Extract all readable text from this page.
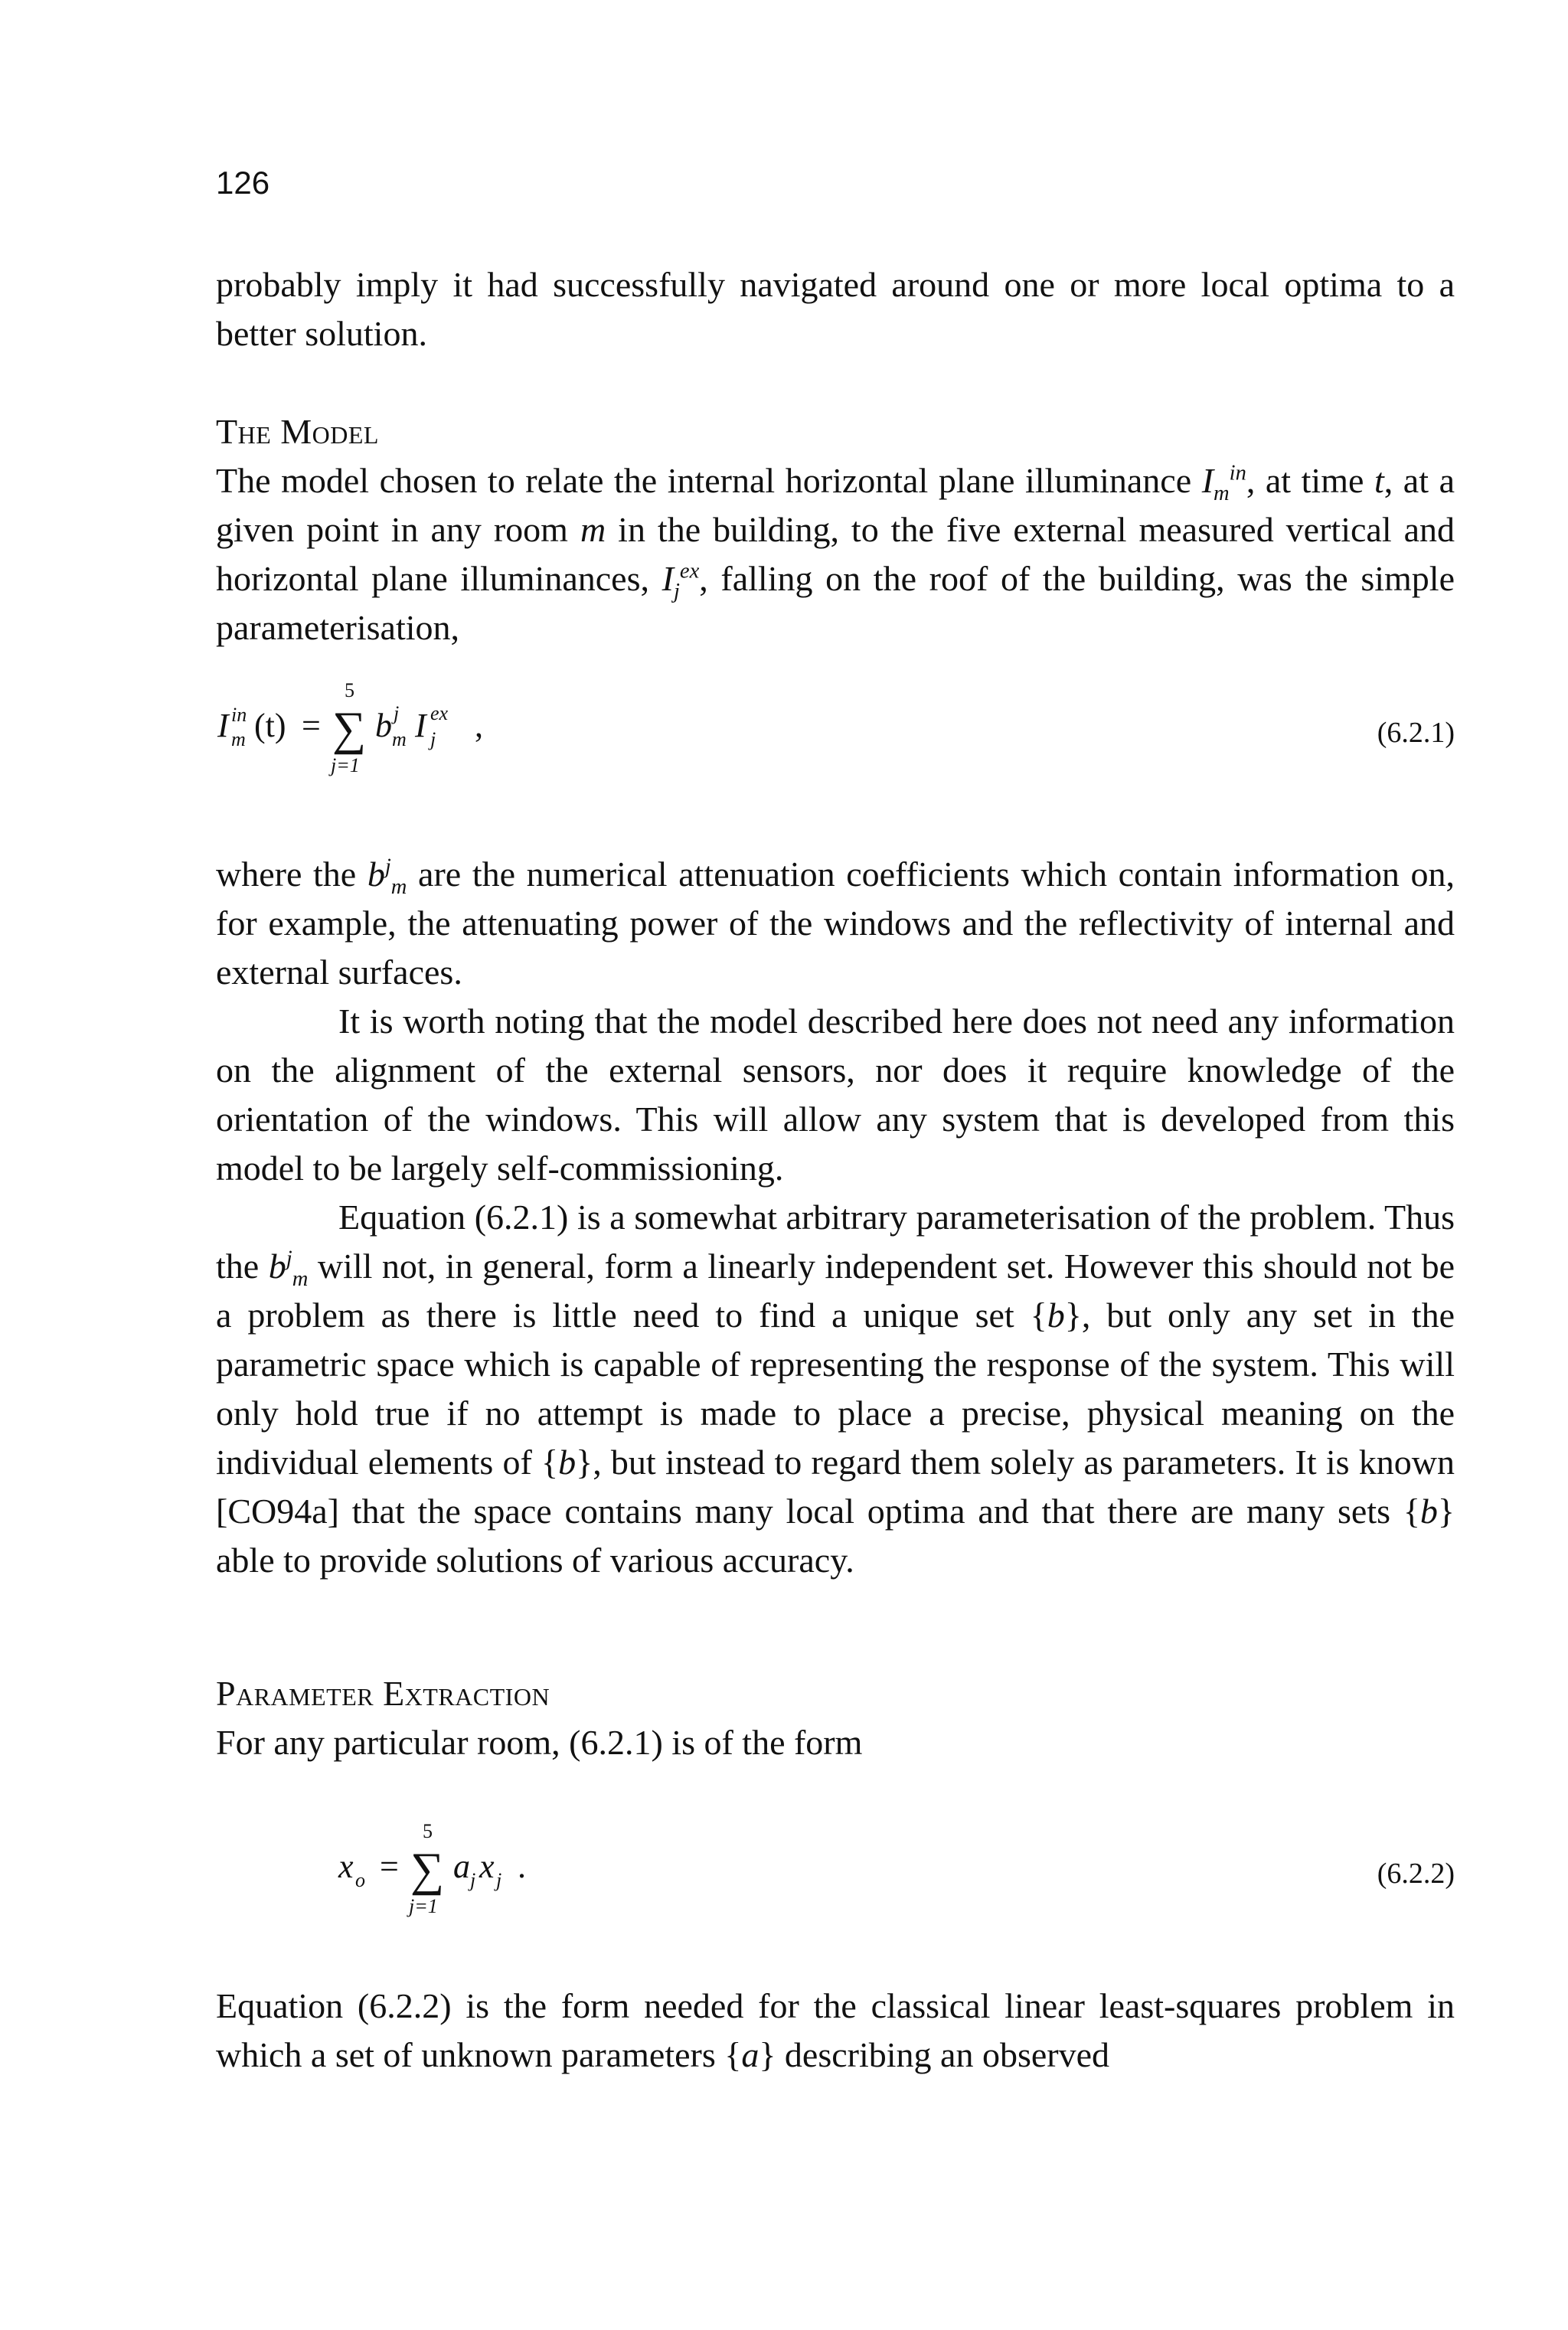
126

probably imply it had successfully navigated around one or more local optima to a better solution.

The Model

The model chosen to relate the internal horizontal plane illuminance $I_m^{in}$, at time t, at a given point in any room m in the building, to the five external measured vertical and horizontal plane illuminances, $I_j^{ex}$, falling on the roof of the building, was the simple parameterisation,

I in
m (t) = ∑
5
j=1
b j
m I ex
j ,	(6.2.1)

where the $b^j_m$ are the numerical attenuation coefficients which contain information on, for example, the attenuating power of the windows and the reflectivity of internal and external surfaces.

It is worth noting that the model described here does not need any information on the alignment of the external sensors, nor does it require knowledge of the orientation of the windows. This will allow any system that is developed from this model to be largely self-commissioning.

Equation (6.2.1) is a somewhat arbitrary parameterisation of the problem. Thus the $b^j_m$ will not, in general, form a linearly independent set. However this should not be a problem as there is little need to find a unique set {b}, but only any set in the parametric space which is capable of representing the response of the system. This will only hold true if no attempt is made to place a precise, physical meaning on the individual elements of {b}, but instead to regard them solely as parameters. It is known [CO94a] that the space contains many local optima and that there are many sets {b} able to provide solutions of various accuracy.

Parameter Extraction

For any particular room, (6.2.1) is of the form

x o = ∑
5
j=1
a j x j .	(6.2.2)

Equation (6.2.2) is the form needed for the classical linear least-squares problem in which a set of unknown parameters {a} describing an observed
